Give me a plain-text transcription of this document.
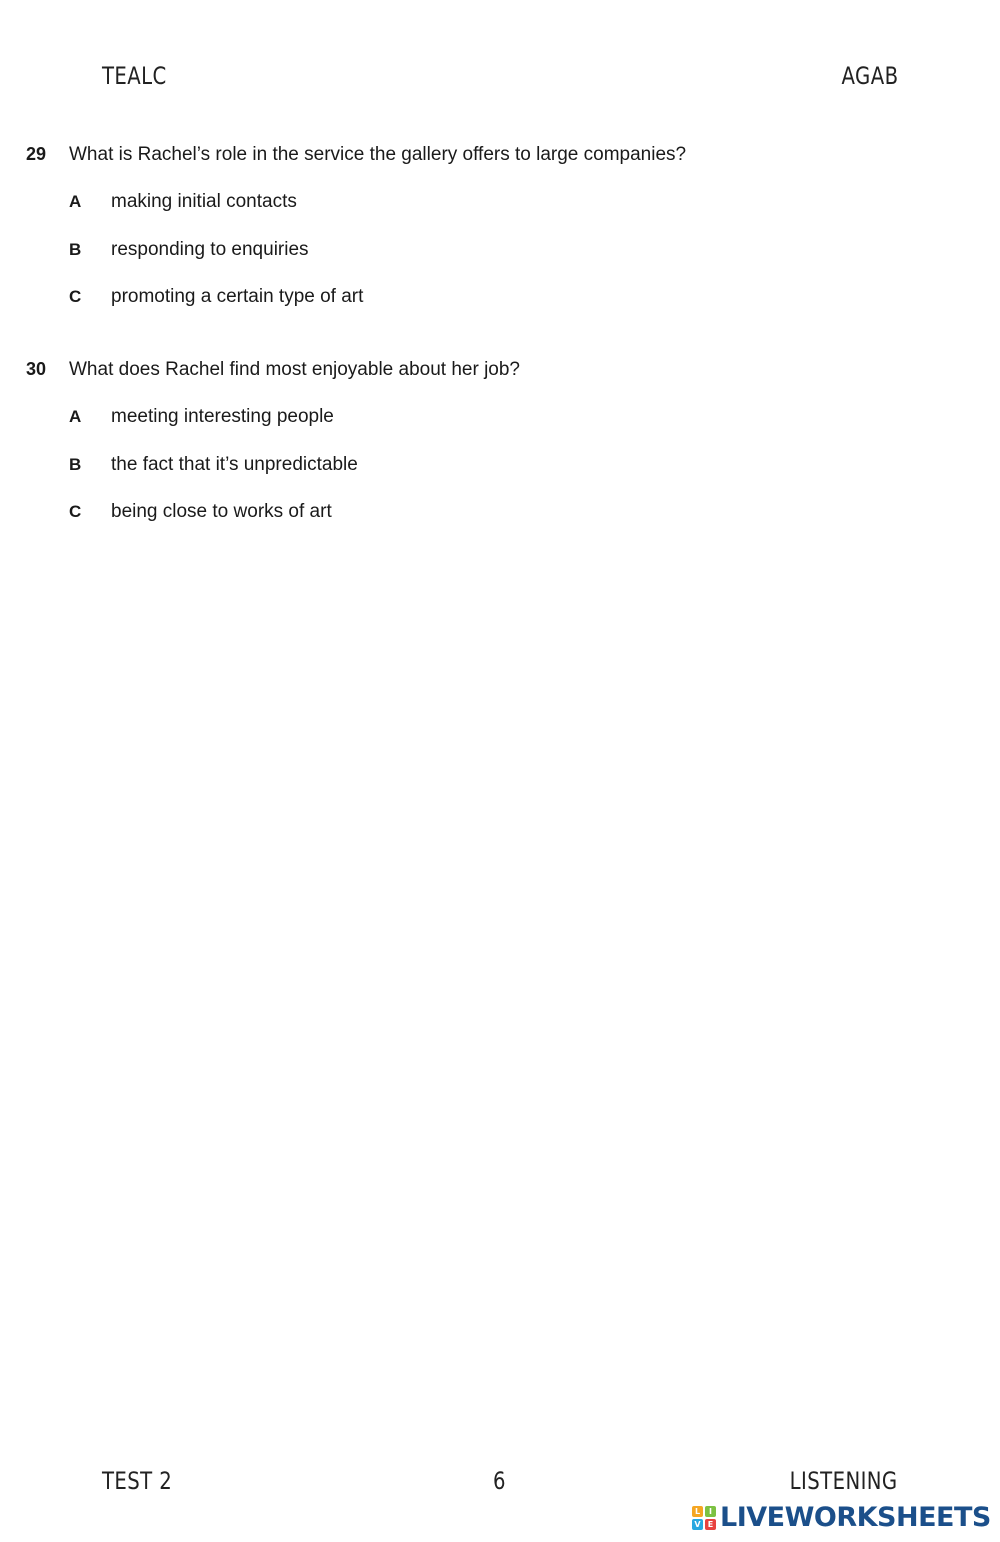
TEALC	AGAB
29	What is Rachel’s role in the service the gallery offers to large companies?
A	making initial contacts
B	responding to enquiries
C	promoting a certain type of art
30	What does Rachel find most enjoyable about her job?
A	meeting interesting people
B	the fact that it’s unpredictable
C	being close to works of art
TEST 2	6	LISTENING
L	I
V E LIVEWORKSHEETS
